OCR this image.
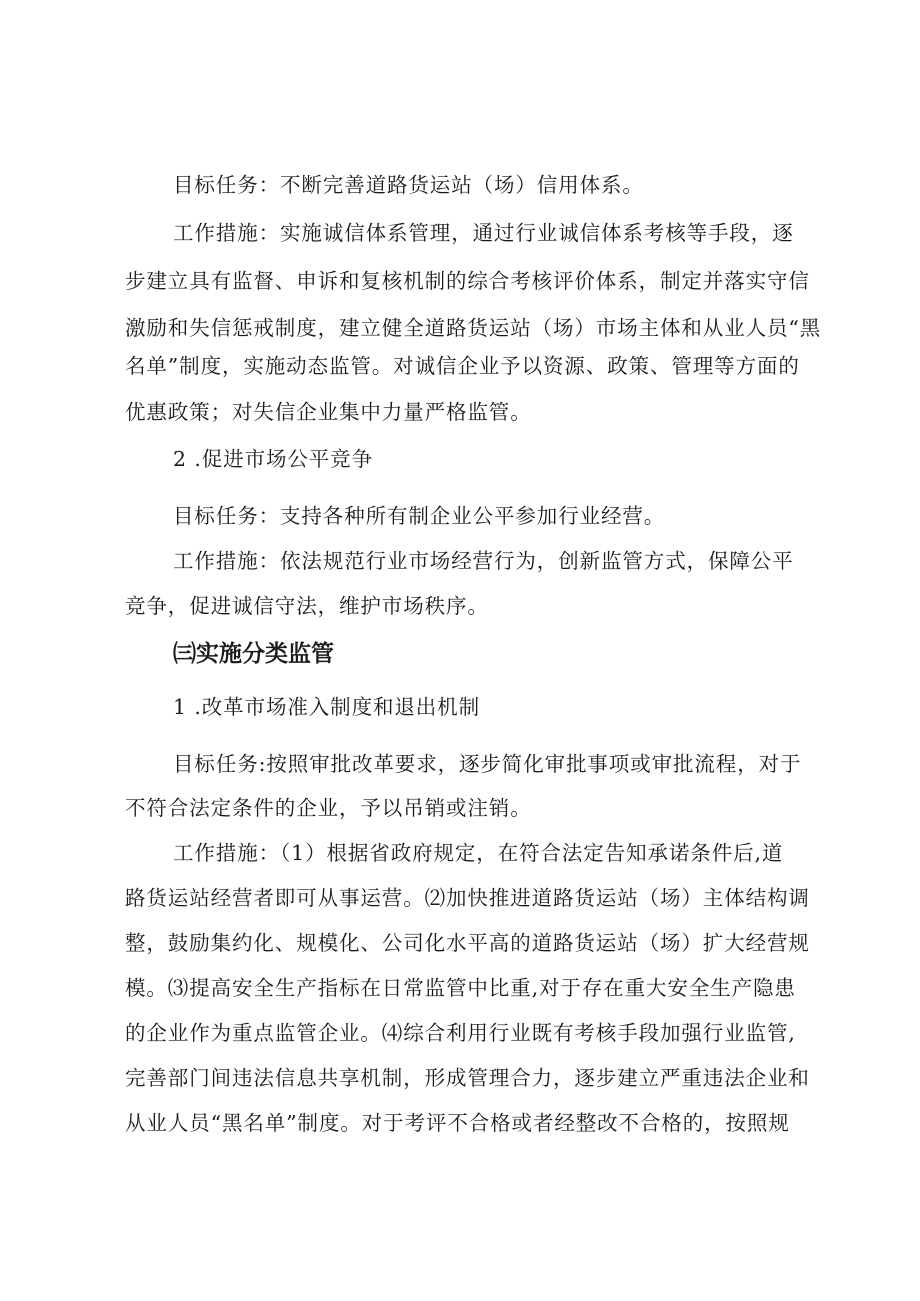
目标任务：不断完善道路货运站（场）信用体系。

工作措施：实施诚信体系管理，通过行业诚信体系考核等手段，逐

步建立具有监督、申诉和复核机制的综合考核评价体系，制定并落实守信

激励和失信惩戒制度，建立健全道路货运站（场）市场主体和从业人员“黑

名单”制度，实施动态监管。对诚信企业予以资源、政策、管理等方面的

优惠政策；对失信企业集中力量严格监管。

2 .促进市场公平竞争

目标任务：支持各种所有制企业公平参加行业经营。

工作措施：依法规范行业市场经营行为，创新监管方式，保障公平

竞争，促进诚信守法，维护市场秩序。

㈢实施分类监管

1 .改革市场准入制度和退出机制

目标任务:按照审批改革要求，逐步简化审批事项或审批流程，对于

不符合法定条件的企业，予以吊销或注销。

工作措施：（1）根据省政府规定，在符合法定告知承诺条件后,道

路货运站经营者即可从事运营。⑵加快推进道路货运站（场）主体结构调

整，鼓励集约化、规模化、公司化水平高的道路货运站（场）扩大经营规

模。⑶提高安全生产指标在日常监管中比重,对于存在重大安全生产隐患

的企业作为重点监管企业。⑷综合利用行业既有考核手段加强行业监管,

完善部门间违法信息共享机制，形成管理合力，逐步建立严重违法企业和

从业人员“黑名单”制度。对于考评不合格或者经整改不合格的，按照规
